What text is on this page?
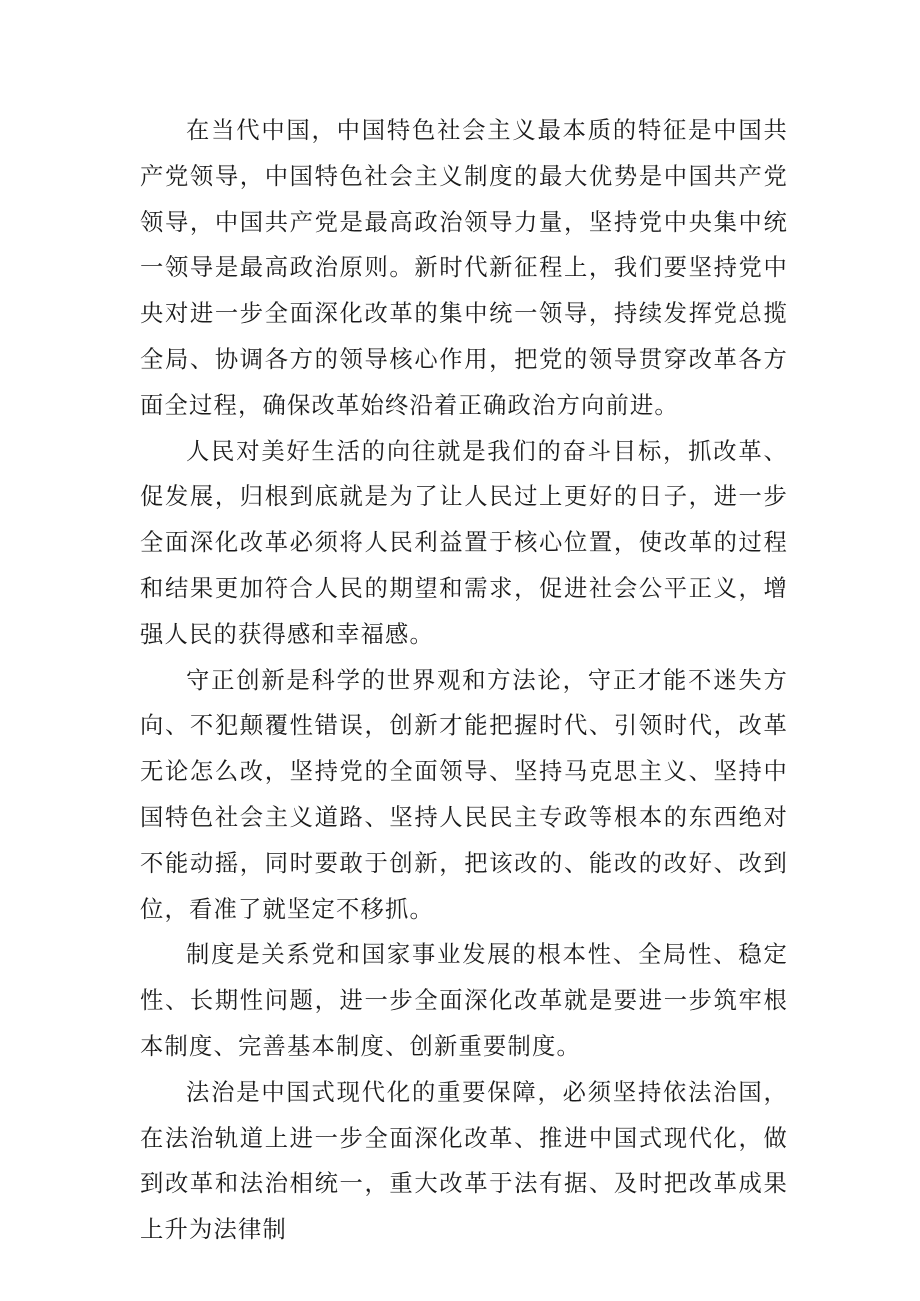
在当代中国，中国特色社会主义最本质的特征是中国共产党领导，中国特色社会主义制度的最大优势是中国共产党领导，中国共产党是最高政治领导力量，坚持党中央集中统一领导是最高政治原则。新时代新征程上，我们要坚持党中央对进一步全面深化改革的集中统一领导，持续发挥党总揽全局、协调各方的领导核心作用，把党的领导贯穿改革各方面全过程，确保改革始终沿着正确政治方向前进。

人民对美好生活的向往就是我们的奋斗目标，抓改革、促发展，归根到底就是为了让人民过上更好的日子，进一步全面深化改革必须将人民利益置于核心位置，使改革的过程和结果更加符合人民的期望和需求，促进社会公平正义，增强人民的获得感和幸福感。

守正创新是科学的世界观和方法论，守正才能不迷失方向、不犯颠覆性错误，创新才能把握时代、引领时代，改革无论怎么改，坚持党的全面领导、坚持马克思主义、坚持中国特色社会主义道路、坚持人民民主专政等根本的东西绝对不能动摇，同时要敢于创新，把该改的、能改的改好、改到位，看准了就坚定不移抓。

制度是关系党和国家事业发展的根本性、全局性、稳定性、长期性问题，进一步全面深化改革就是要进一步筑牢根本制度、完善基本制度、创新重要制度。

法治是中国式现代化的重要保障，必须坚持依法治国，在法治轨道上进一步全面深化改革、推进中国式现代化，做到改革和法治相统一，重大改革于法有据、及时把改革成果上升为法律制
